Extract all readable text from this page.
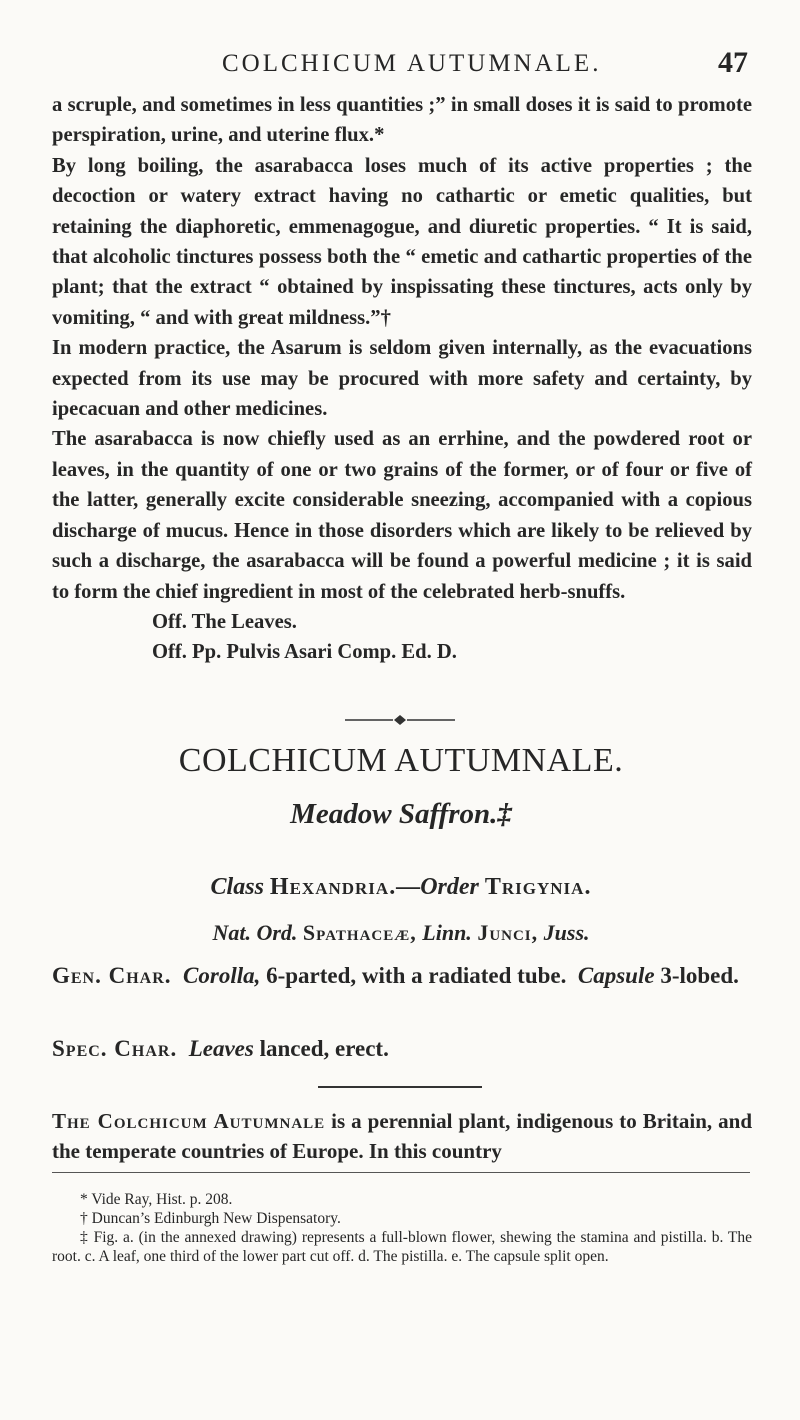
COLCHICUM AUTUMNALE.	47

a scruple, and sometimes in less quantities ;” in small doses it is said to promote perspiration, urine, and uterine flux.*

By long boiling, the asarabacca loses much of its active properties ; the decoction or watery extract having no cathartic or emetic qualities, but retaining the diaphoretic, emmenagogue, and diuretic properties. “ It is said, that alcoholic tinctures possess both the “ emetic and cathartic properties of the plant; that the extract “ obtained by inspissating these tinctures, acts only by vomiting, “ and with great mildness.”†

In modern practice, the Asarum is seldom given internally, as the evacuations expected from its use may be procured with more safety and certainty, by ipecacuan and other medicines.

The asarabacca is now chiefly used as an errhine, and the powdered root or leaves, in the quantity of one or two grains of the former, or of four or five of the latter, generally excite considerable sneezing, accompanied with a copious discharge of mucus. Hence in those disorders which are likely to be relieved by such a discharge, the asarabacca will be found a powerful medicine ; it is said to form the chief ingredient in most of the celebrated herb-snuffs.

Off. The Leaves.

Off. Pp. Pulvis Asari Comp. Ed. D.

COLCHICUM AUTUMNALE.
Meadow Saffron.‡
Class Hexandria.—Order Trigynia.
Nat. Ord. Spathaceæ, Linn. Junci, Juss.
Gen. Char. Corolla, 6-parted, with a radiated tube. Capsule 3-lobed.
Spec. Char. Leaves lanced, erect.
The Colchicum Autumnale is a perennial plant, indigenous to Britain, and the temperate countries of Europe. In this country

* Vide Ray, Hist. p. 208.

† Duncan’s Edinburgh New Dispensatory.

‡ Fig. a. (in the annexed drawing) represents a full-blown flower, shewing the stamina and pistilla. b. The root. c. A leaf, one third of the lower part cut off. d. The pistilla. e. The capsule split open.
